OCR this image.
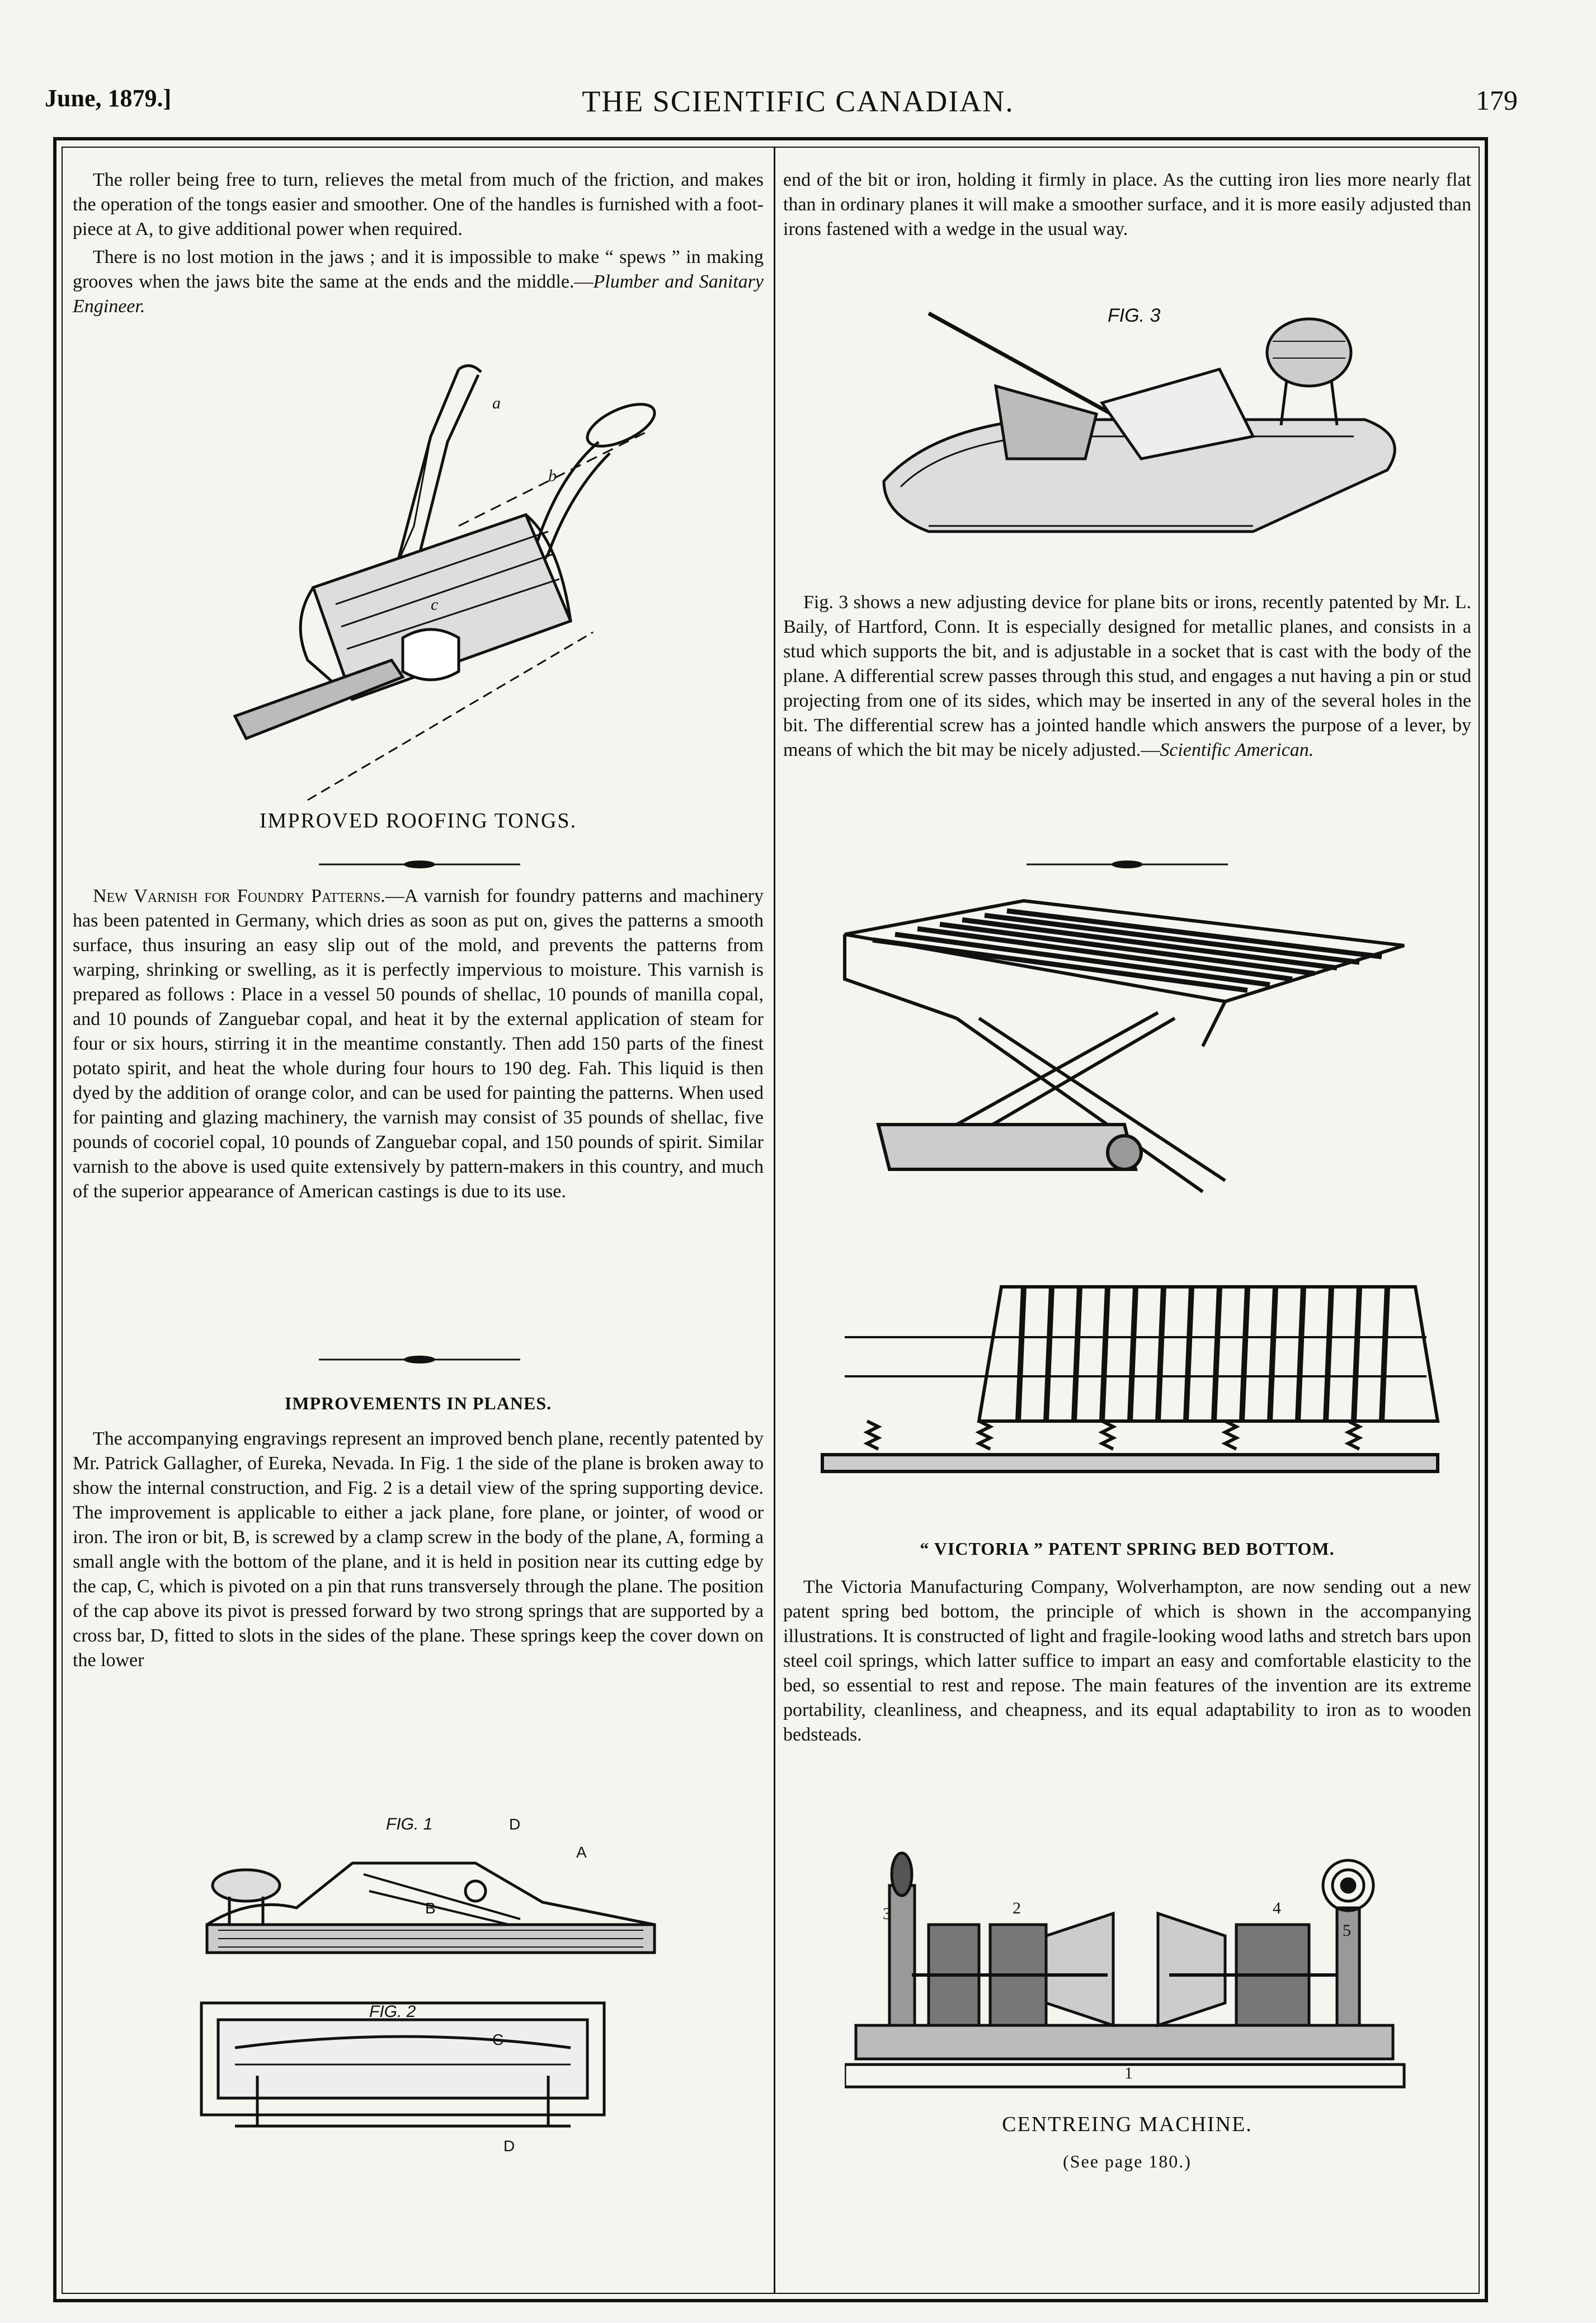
June, 1879.]	THE SCIENTIFIC CANADIAN.	179

The roller being free to turn, relieves the metal from much of the friction, and makes the operation of the tongs easier and smoother. One of the handles is furnished with a foot-piece at A, to give additional power when required.

There is no lost motion in the jaws ; and it is impossible to make “ spews ” in making grooves when the jaws bite the same at the ends and the middle.—Plumber and Sanitary Engineer.

c
b
a
IMPROVED ROOFING TONGS.

New Varnish for Foundry Patterns.—A varnish for foundry patterns and machinery has been patented in Germany, which dries as soon as put on, gives the patterns a smooth surface, thus insuring an easy slip out of the mold, and prevents the patterns from warping, shrinking or swelling, as it is perfectly impervious to moisture. This varnish is prepared as follows : Place in a vessel 50 pounds of shellac, 10 pounds of manilla copal, and 10 pounds of Zanguebar copal, and heat it by the external application of steam for four or six hours, stirring it in the meantime constantly. Then add 150 parts of the finest potato spirit, and heat the whole during four hours to 190 deg. Fah. This liquid is then dyed by the addition of orange color, and can be used for painting the patterns. When used for painting and glazing machinery, the varnish may consist of 35 pounds of shellac, five pounds of cocoriel copal, 10 pounds of Zanguebar copal, and 150 pounds of spirit. Similar varnish to the above is used quite extensively by pattern-makers in this country, and much of the superior appearance of American castings is due to its use.

IMPROVEMENTS IN PLANES.

The accompanying engravings represent an improved bench plane, recently patented by Mr. Patrick Gallagher, of Eureka, Nevada. In Fig. 1 the side of the plane is broken away to show the internal construction, and Fig. 2 is a detail view of the spring supporting device. The improvement is applicable to either a jack plane, fore plane, or jointer, of wood or iron. The iron or bit, B, is screwed by a clamp screw in the body of the plane, A, forming a small angle with the bottom of the plane, and it is held in position near its cutting edge by the cap, C, which is pivoted on a pin that runs transversely through the plane. The position of the cap above its pivot is pressed forward by two strong springs that are supported by a cross bar, D, fitted to slots in the sides of the plane. These springs keep the cover down on the lower

FIG. 1	D
A
B
FIG. 2
C
D

end of the bit or iron, holding it firmly in place. As the cutting iron lies more nearly flat than in ordinary planes it will make a smoother surface, and it is more easily adjusted than irons fastened with a wedge in the usual way.

FIG. 3

Fig. 3 shows a new adjusting device for plane bits or irons, recently patented by Mr. L. Baily, of Hartford, Conn. It is especially designed for metallic planes, and consists in a stud which supports the bit, and is adjustable in a socket that is cast with the body of the plane. A differential screw passes through this stud, and engages a nut having a pin or stud projecting from one of its sides, which may be inserted in any of the several holes in the bit. The differential screw has a jointed handle which answers the purpose of a lever, by means of which the bit may be nicely adjusted.—Scientific American.

“ VICTORIA ” PATENT SPRING BED BOTTOM.

The Victoria Manufacturing Company, Wolverhampton, are now sending out a new patent spring bed bottom, the principle of which is shown in the accompanying illustrations. It is constructed of light and fragile-looking wood laths and stretch bars upon steel coil springs, which latter suffice to impart an easy and comfortable elasticity to the bed, so essential to rest and repose. The main features of the invention are its extreme portability, cleanliness, and cheapness, and its equal adaptability to iron as to wooden bedsteads.

3	2	4
5
1
CENTREING MACHINE.
(See page 180.)
